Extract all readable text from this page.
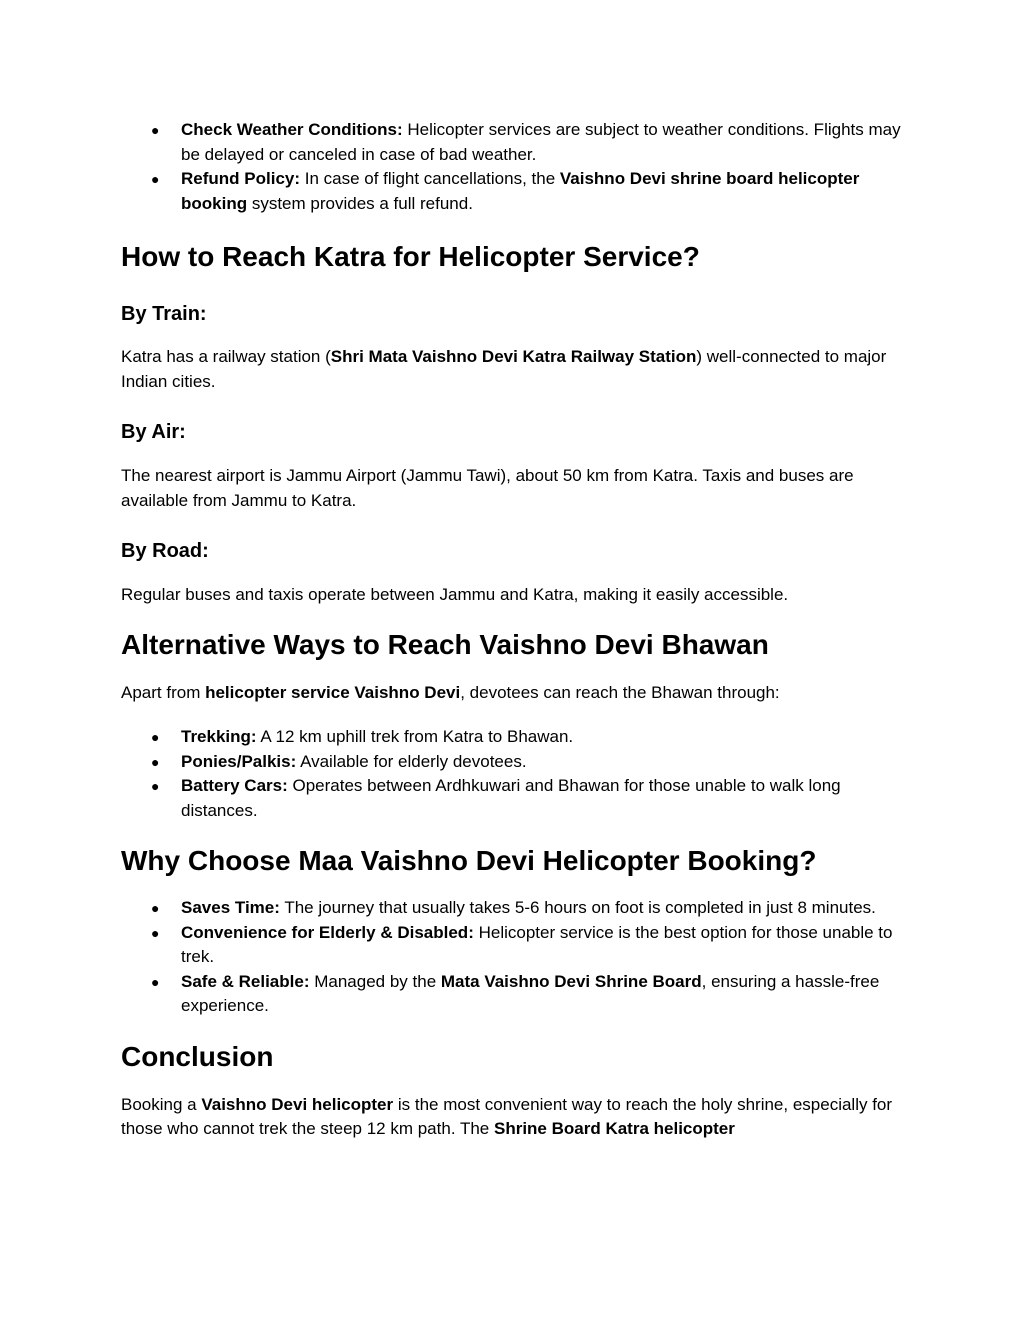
● Check Weather Conditions: Helicopter services are subject to weather conditions. Flights may be delayed or canceled in case of bad weather.
● Refund Policy: In case of flight cancellations, the Vaishno Devi shrine board helicopter booking system provides a full refund.
How to Reach Katra for Helicopter Service?
By Train:

Katra has a railway station (Shri Mata Vaishno Devi Katra Railway Station) well-connected to major Indian cities.

By Air:

The nearest airport is Jammu Airport (Jammu Tawi), about 50 km from Katra. Taxis and buses are available from Jammu to Katra.

By Road:

Regular buses and taxis operate between Jammu and Katra, making it easily accessible.

Alternative Ways to Reach Vaishno Devi Bhawan

Apart from helicopter service Vaishno Devi, devotees can reach the Bhawan through:

● Trekking: A 12 km uphill trek from Katra to Bhawan.
● Ponies/Palkis: Available for elderly devotees.
● Battery Cars: Operates between Ardhkuwari and Bhawan for those unable to walk long distances.
Why Choose Maa Vaishno Devi Helicopter Booking?
● Saves Time: The journey that usually takes 5-6 hours on foot is completed in just 8 minutes.
● Convenience for Elderly & Disabled: Helicopter service is the best option for those unable to trek.
● Safe & Reliable: Managed by the Mata Vaishno Devi Shrine Board, ensuring a hassle-free experience.
Conclusion

Booking a Vaishno Devi helicopter is the most convenient way to reach the holy shrine, especially for those who cannot trek the steep 12 km path. The Shrine Board Katra helicopter
